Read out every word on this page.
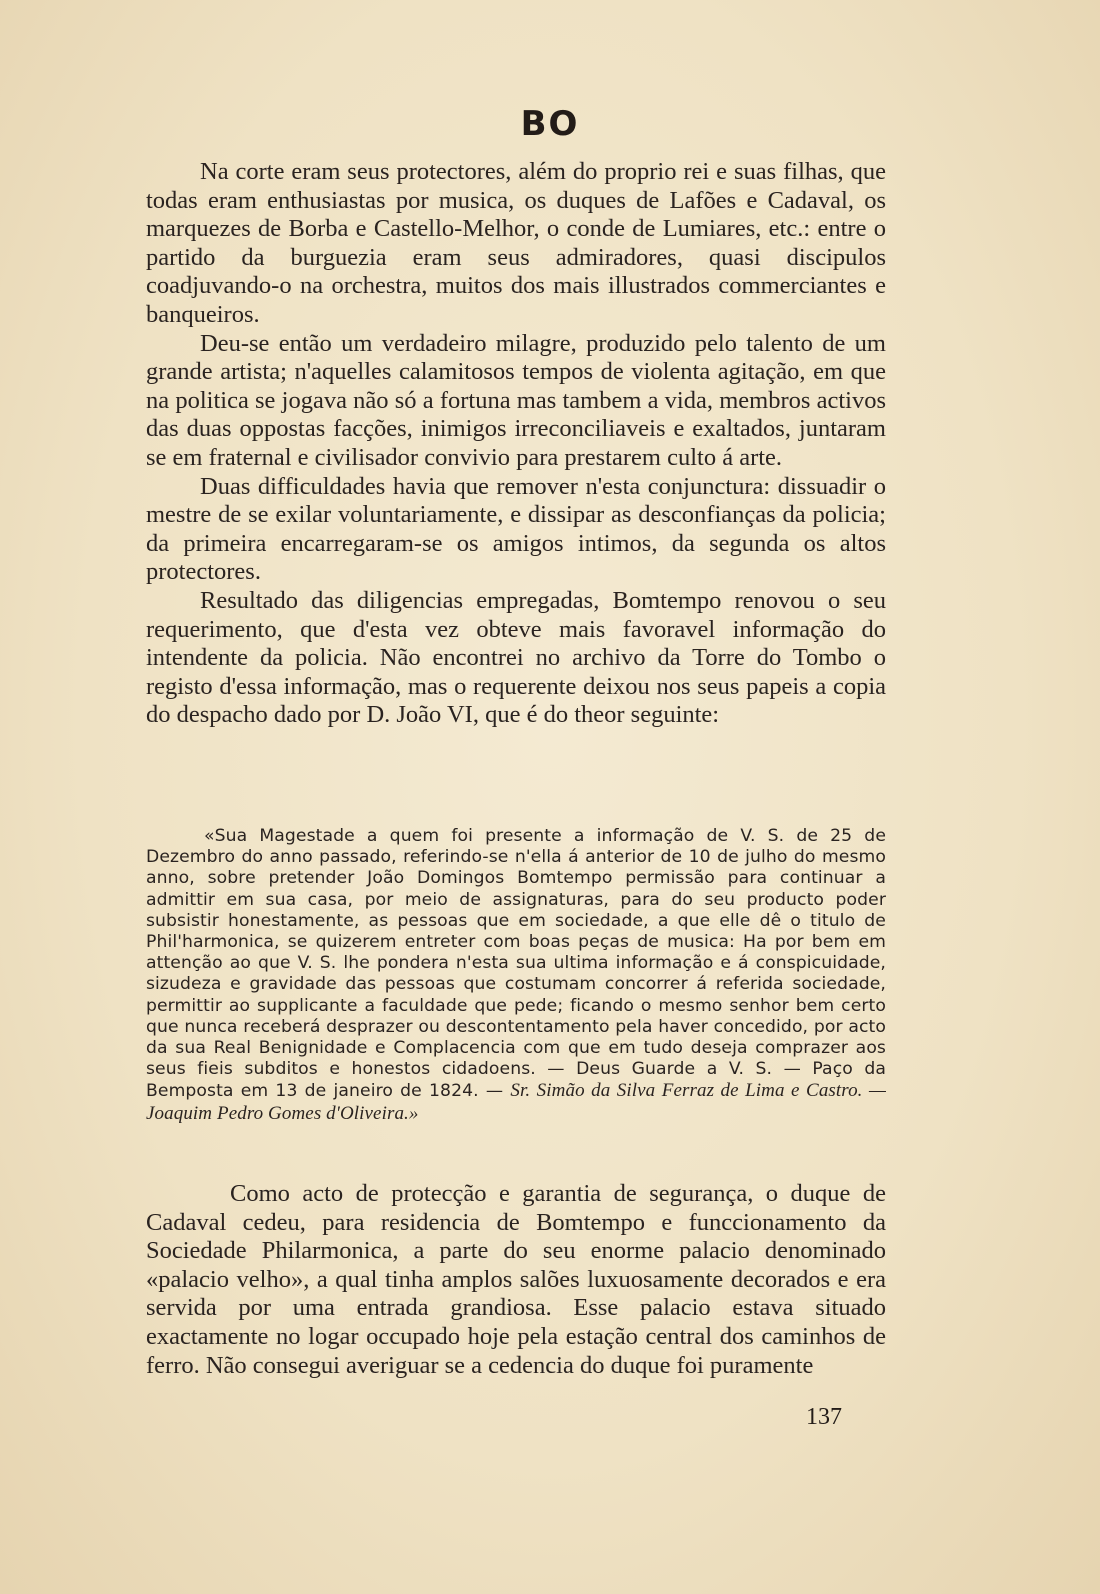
BO

Na corte eram seus protectores, além do proprio rei e suas filhas, que todas eram enthusiastas por musica, os duques de Lafões e Cadaval, os marquezes de Borba e Castello-Melhor, o conde de Lumiares, etc.: entre o partido da burguezia eram seus admiradores, quasi discipulos coadjuvando-o na orchestra, muitos dos mais illustrados commerciantes e banqueiros.

Deu-se então um verdadeiro milagre, produzido pelo talento de um grande artista; n'aquelles calamitosos tempos de violenta agitação, em que na politica se jogava não só a fortuna mas tambem a vida, membros activos das duas oppostas facções, inimigos irreconciliaveis e exaltados, juntaram se em fraternal e civilisador convivio para prestarem culto á arte.

Duas difficuldades havia que remover n'esta conjunctura: dissuadir o mestre de se exilar voluntariamente, e dissipar as desconfianças da policia; da primeira encarregaram-se os amigos intimos, da segunda os altos protectores.

Resultado das diligencias empregadas, Bomtempo renovou o seu requerimento, que d'esta vez obteve mais favoravel informação do intendente da policia. Não encontrei no archivo da Torre do Tombo o registo d'essa informação, mas o requerente deixou nos seus papeis a copia do despacho dado por D. João VI, que é do theor seguinte:

«Sua Magestade a quem foi presente a informação de V. S. de 25 de Dezembro do anno passado, referindo-se n'ella á anterior de 10 de julho do mesmo anno, sobre pretender João Domingos Bomtempo permissão para continuar a admittir em sua casa, por meio de assignaturas, para do seu producto poder subsistir honestamente, as pessoas que em sociedade, a que elle dê o titulo de Phil'harmonica, se quizerem entreter com boas peças de musica: Ha por bem em attenção ao que V. S. lhe pondera n'esta sua ultima informação e á conspicuidade, sizudeza e gravidade das pessoas que costumam concorrer á referida sociedade, permittir ao supplicante a faculdade que pede; ficando o mesmo senhor bem certo que nunca receberá desprazer ou descontentamento pela haver concedido, por acto da sua Real Benignidade e Complacencia com que em tudo deseja comprazer aos seus fieis subditos e honestos cidadoens. — Deus Guarde a V. S. — Paço da Bemposta em 13 de janeiro de 1824. — Sr. Simão da Silva Ferraz de Lima e Castro. — Joaquim Pedro Gomes d'Oliveira.»

Como acto de protecção e garantia de segurança, o duque de Cadaval cedeu, para residencia de Bomtempo e funccionamento da Sociedade Philarmonica, a parte do seu enorme palacio denominado «palacio velho», a qual tinha amplos salões luxuosamente decorados e era servida por uma entrada grandiosa. Esse palacio estava situado exactamente no logar occupado hoje pela estação central dos caminhos de ferro. Não consegui averiguar se a cedencia do duque foi puramente

137
